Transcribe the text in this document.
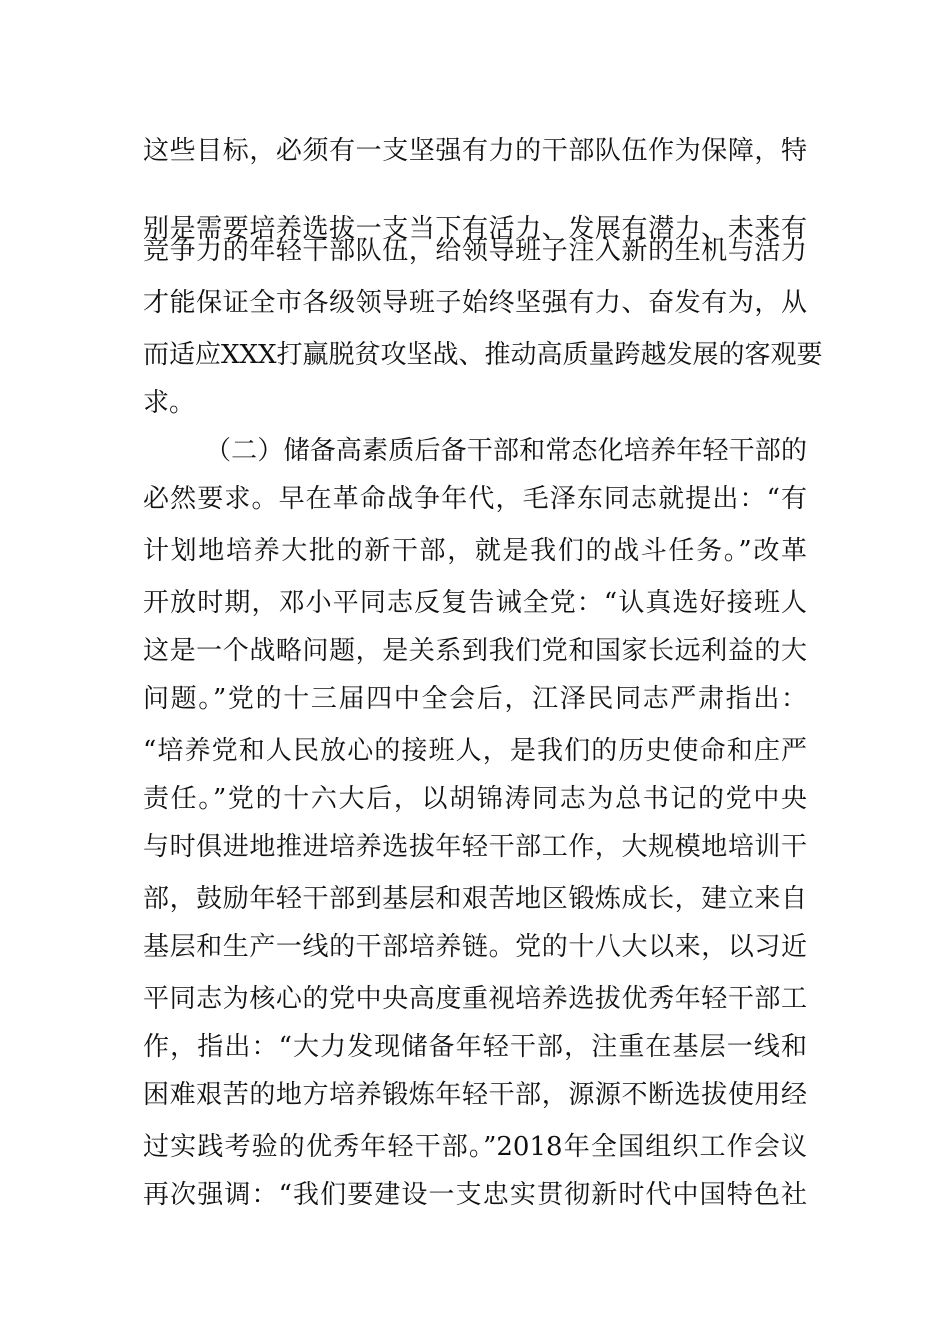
这些目标，必须有一支坚强有力的干部队伍作为保障，特
别是需要培养选拔一支当下有活力、发展有潜力、未来有
竞争力的年轻干部队伍，给领导班子注入新的生机与活力
才能保证全市各级领导班子始终坚强有力、奋发有为，从
而适应XXX打赢脱贫攻坚战、推动高质量跨越发展的客观要
求。
（二）储备高素质后备干部和常态化培养年轻干部的
必然要求。早在革命战争年代，毛泽东同志就提出：“有
计划地培养大批的新干部，就是我们的战斗任务。”改革
开放时期，邓小平同志反复告诫全党：“认真选好接班人
这是一个战略问题，是关系到我们党和国家长远利益的大
问题。”党的十三届四中全会后，江泽民同志严肃指出：
“培养党和人民放心的接班人，是我们的历史使命和庄严
责任。”党的十六大后，以胡锦涛同志为总书记的党中央
与时俱进地推进培养选拔年轻干部工作，大规模地培训干
部，鼓励年轻干部到基层和艰苦地区锻炼成长，建立来自
基层和生产一线的干部培养链。党的十八大以来，以习近
平同志为核心的党中央高度重视培养选拔优秀年轻干部工
作，指出：“大力发现储备年轻干部，注重在基层一线和
困难艰苦的地方培养锻炼年轻干部，源源不断选拔使用经
过实践考验的优秀年轻干部。”2018年全国组织工作会议
再次强调：“我们要建设一支忠实贯彻新时代中国特色社
